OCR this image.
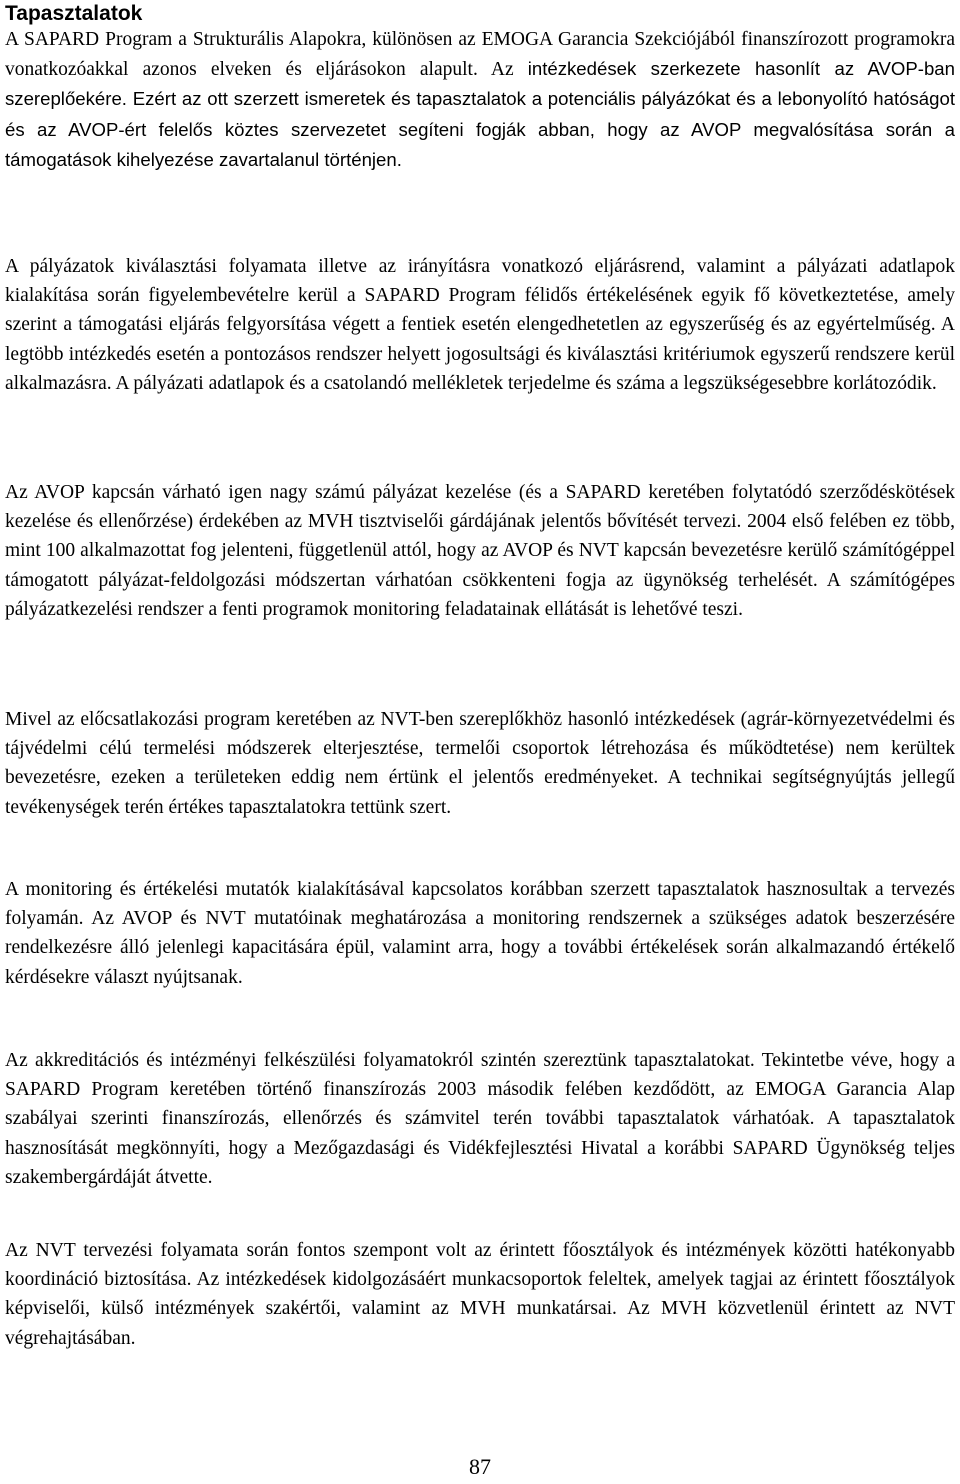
Tapasztalatok

A SAPARD Program a Strukturális Alapokra, különösen az EMOGA Garancia Szekciójából finanszírozott programokra vonatkozóakkal azonos elveken és eljárásokon alapult. Az intézkedések szerkezete hasonlít az AVOP-ban szereplőekére. Ezért az ott szerzett ismeretek és tapasztalatok a potenciális pályázókat és a lebonyolító hatóságot és az AVOP-ért felelős köztes szervezetet segíteni fogják abban, hogy az AVOP megvalósítása során a támogatások kihelyezése zavartalanul történjen.

A pályázatok kiválasztási folyamata illetve az irányításra vonatkozó eljárásrend, valamint a pályázati adatlapok kialakítása során figyelembevételre kerül a SAPARD Program félidős értékelésének egyik fő következtetése, amely szerint a támogatási eljárás felgyorsítása végett a fentiek esetén elengedhetetlen az egyszerűség és az egyértelműség. A legtöbb intézkedés esetén a pontozásos rendszer helyett jogosultsági és kiválasztási kritériumok egyszerű rendszere kerül alkalmazásra. A pályázati adatlapok és a csatolandó mellékletek terjedelme és száma a legszükségesebbre korlátozódik.

Az AVOP kapcsán várható igen nagy számú pályázat kezelése (és a SAPARD keretében folytatódó szerződéskötések kezelése és ellenőrzése) érdekében az MVH tisztviselői gárdájának jelentős bővítését tervezi. 2004 első felében ez több, mint 100 alkalmazottat fog jelenteni, függetlenül attól, hogy az AVOP és NVT kapcsán bevezetésre kerülő számítógéppel támogatott pályázat-feldolgozási módszertan várhatóan csökkenteni fogja az ügynökség terhelését. A számítógépes pályázatkezelési rendszer a fenti programok monitoring feladatainak ellátását is lehetővé teszi.

Mivel az előcsatlakozási program keretében az NVT-ben szereplőkhöz hasonló intézkedések (agrár-környezetvédelmi és tájvédelmi célú termelési módszerek elterjesztése, termelői csoportok létrehozása és működtetése) nem kerültek bevezetésre, ezeken a területeken eddig nem értünk el jelentős eredményeket. A technikai segítségnyújtás jellegű tevékenységek terén értékes tapasztalatokra tettünk szert.

A monitoring és értékelési mutatók kialakításával kapcsolatos korábban szerzett tapasztalatok hasznosultak a tervezés folyamán. Az AVOP és NVT mutatóinak meghatározása a monitoring rendszernek a szükséges adatok beszerzésére rendelkezésre álló jelenlegi kapacitására épül, valamint arra, hogy a további értékelések során alkalmazandó értékelő kérdésekre választ nyújtsanak.

Az akkreditációs és intézményi felkészülési folyamatokról szintén szereztünk tapasztalatokat. Tekintetbe véve, hogy a SAPARD Program keretében történő finanszírozás 2003 második felében kezdődött, az EMOGA Garancia Alap szabályai szerinti finanszírozás, ellenőrzés és számvitel terén további tapasztalatok várhatóak. A tapasztalatok hasznosítását megkönnyíti, hogy a Mezőgazdasági és Vidékfejlesztési Hivatal a korábbi SAPARD Ügynökség teljes szakembergárdáját átvette.

Az NVT tervezési folyamata során fontos szempont volt az érintett főosztályok és intézmények közötti hatékonyabb koordináció biztosítása. Az intézkedések kidolgozásáért munkacsoportok feleltek, amelyek tagjai az érintett főosztályok képviselői, külső intézmények szakértői, valamint az MVH munkatársai. Az MVH közvetlenül érintett az NVT végrehajtásában.

87
